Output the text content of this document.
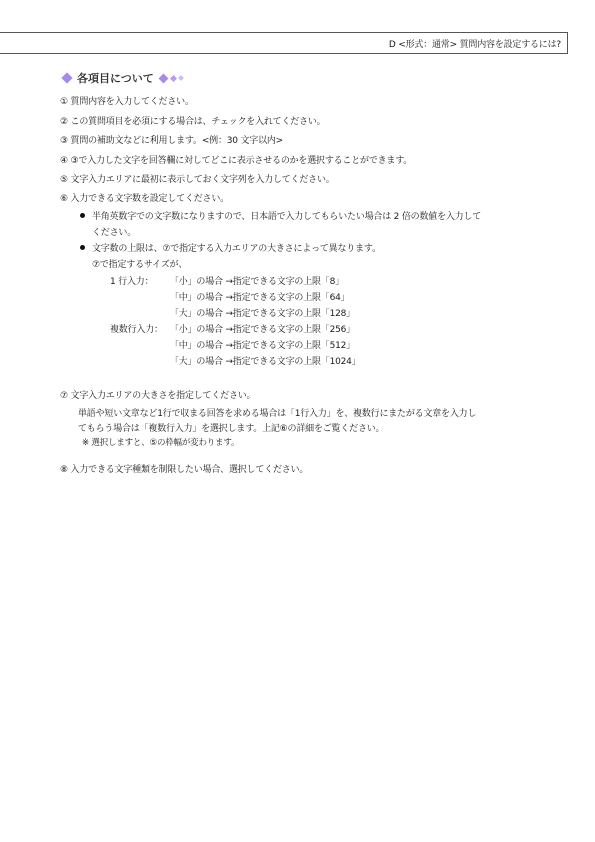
D <形式：通常> 質問内容を設定するには?
各項目について
① 質問内容を入力してください。
② この質問項目を必須にする場合は、チェックを入れてください。
③ 質問の補助文などに利用します。<例：30 文字以内>
④ ③で入力した文字を回答欄に対してどこに表示させるのかを選択することができます。
⑤ 文字入力エリアに最初に表示しておく文字列を入力してください。
⑥ 入力できる文字数を設定してください。
半角英数字での文字数になりますので、日本語で入力してもらいたい場合は 2 倍の数値を入力して
ください。
文字数の上限は、⑦で指定する入力エリアの大きさによって異なります。
⑦で指定するサイズが、
1 行入力： 「小」の場合 →指定できる文字の上限「8」
「中」の場合 →指定できる文字の上限「64」
「大」の場合 →指定できる文字の上限「128」
複数行入力： 「小」の場合 →指定できる文字の上限「256」
「中」の場合 →指定できる文字の上限「512」
「大」の場合 →指定できる文字の上限「1024」
⑦ 文字入力エリアの大きさを指定してください。
単語や短い文章など1行で収まる回答を求める場合は「1行入力」を、複数行にまたがる文章を入力し
てもらう場合は「複数行入力」を選択します。上記⑥の詳細をご覧ください。
※ 選択しますと、⑤の枠幅が変わります。
⑧ 入力できる文字種類を制限したい場合、選択してください。
